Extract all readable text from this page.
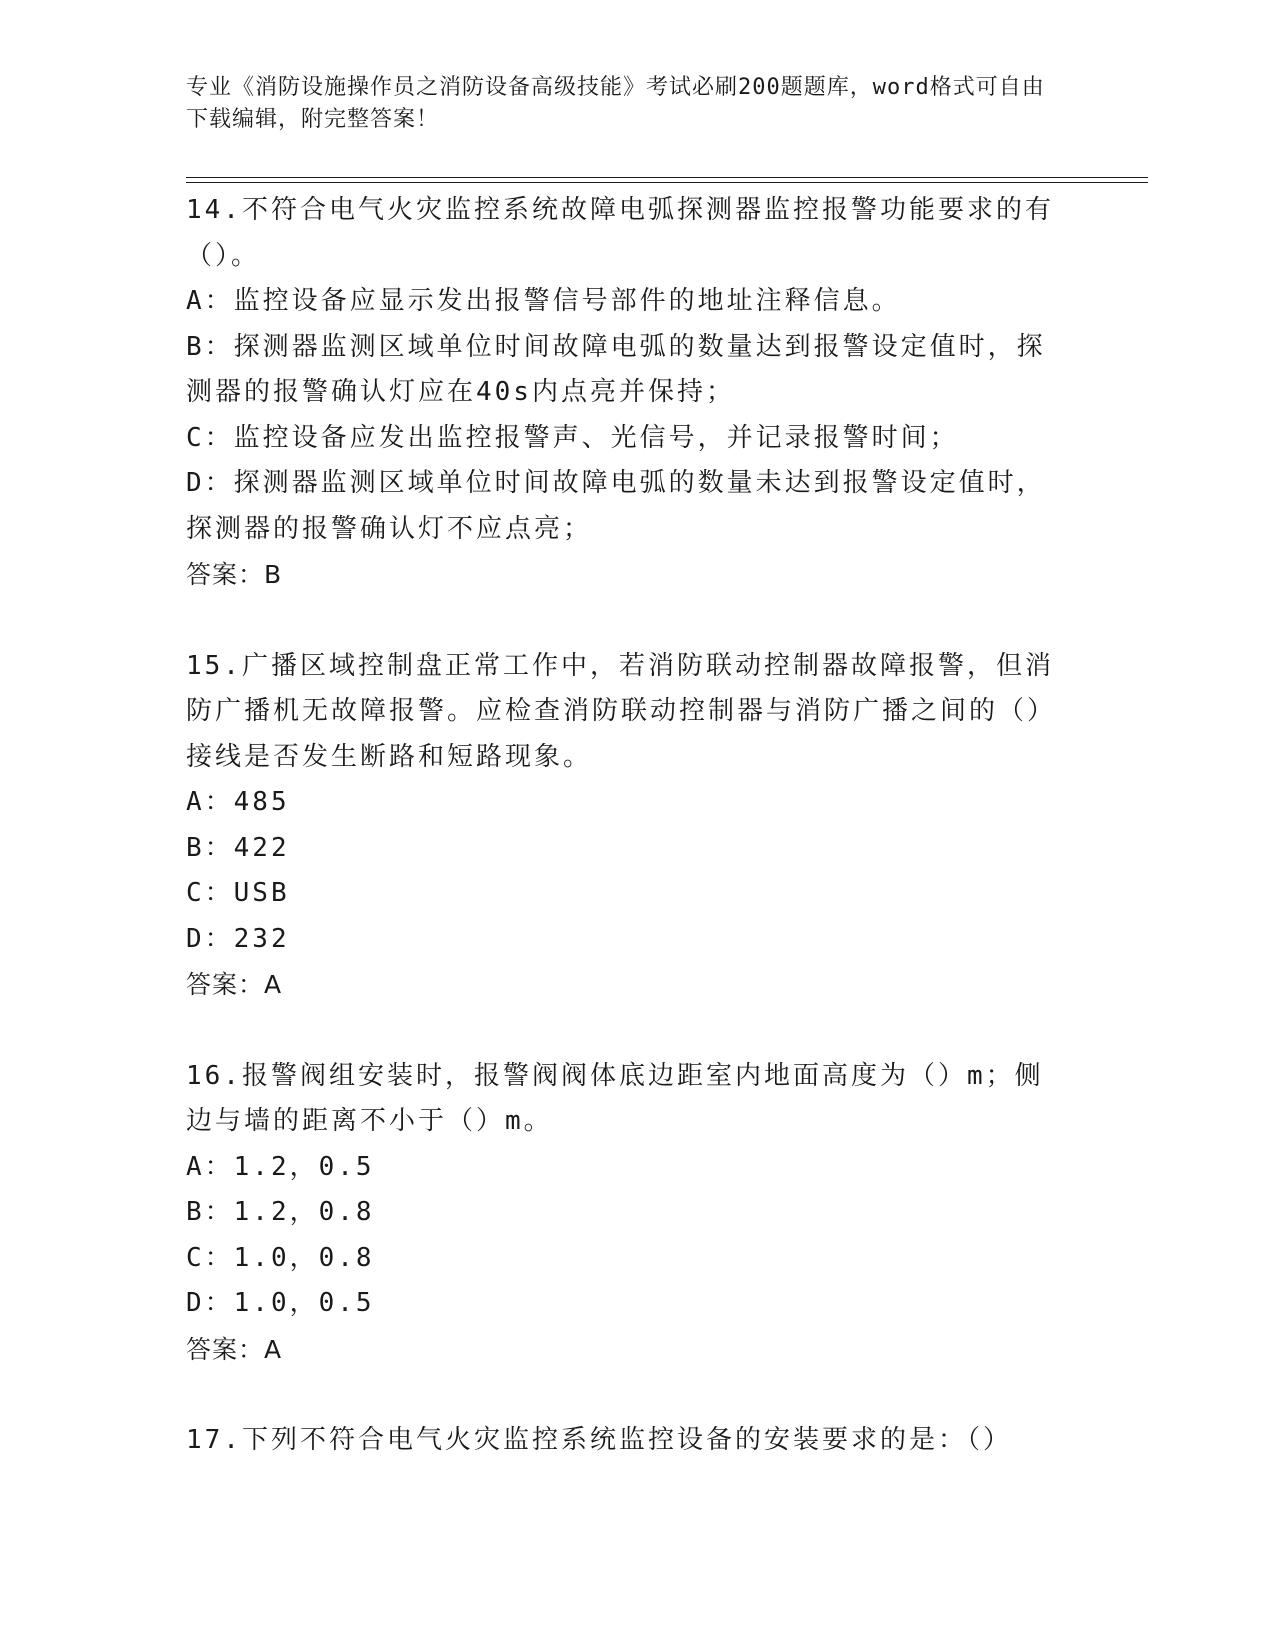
专业《消防设施操作员之消防设备高级技能》考试必刷200题题库，word格式可自由下载编辑，附完整答案！

14.不符合电气火灾监控系统故障电弧探测器监控报警功能要求的有（）。

A：监控设备应显示发出报警信号部件的地址注释信息。

B：探测器监测区域单位时间故障电弧的数量达到报警设定值时，探测器的报警确认灯应在40s内点亮并保持；

C：监控设备应发出监控报警声、光信号，并记录报警时间；

D：探测器监测区域单位时间故障电弧的数量未达到报警设定值时，探测器的报警确认灯不应点亮；

答案：B

15.广播区域控制盘正常工作中，若消防联动控制器故障报警，但消防广播机无故障报警。应检查消防联动控制器与消防广播之间的（）接线是否发生断路和短路现象。

A：485

B：422

C：USB

D：232

答案：A

16.报警阀组安装时，报警阀阀体底边距室内地面高度为（）m；侧边与墙的距离不小于（）m。

A：1.2，0.5

B：1.2，0.8

C：1.0，0.8

D：1.0，0.5

答案：A

17.下列不符合电气火灾监控系统监控设备的安装要求的是：（）
